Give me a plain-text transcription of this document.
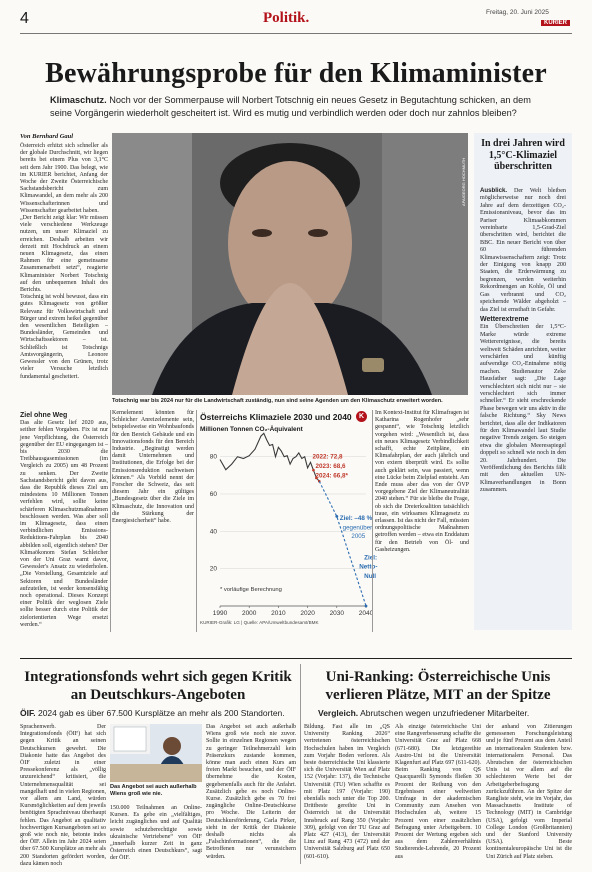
4	Politik.	Freitag, 20. Juni 2025
KURIER
Bewährungsprobe für den Klimaminister
Klimaschutz. Noch vor der Sommerpause will Norbert Totschnig ein neues Gesetz in Begutachtung schicken, an dem seine Vorgängerin wiederholt gescheitert ist. Wird es mutig und verbindlich werden oder doch nur zahnlos bleiben?
Von Bernhard Gaul

Österreich erhitzt sich schneller als der globale Durchschnitt, wir liegen bereits bei einem Plus von 3,1°C seit dem Jahr 1900. Das belegt, wie im KURIER berichtet, Anfang der Woche der Zweite Österreichische Sachstandsbericht zum Klimawandel, an dem mehr als 200 Wissenschafterinnen und Wissenschafter gearbeitet haben.

„Der Bericht zeigt klar: Wir müssen viele verschiedene Werkzeuge nutzen, um unser Klimaziel zu erreichen. Deshalb arbeiten wir derzeit mit Hochdruck an einem neuen Klimagesetz, das einen Rahmen für eine gemeinsame Zusammenarbeit setzt“, reagierte Klimaminister Norbert Totschnig auf den unbequemen Inhalt des Berichts.

Totschnig ist wohl bewusst, dass ein gutes Klimagesetz von größter Relevanz für Volkswirtschaft und Bürger und extrem heikel gegenüber den wesentlichen Beteiligten – Bundesländer, Gemeinden und Wirtschaftssektoren – ist. Schließlich ist Totschnigs Amtsvorgängerin, Leonore Gewessler von den Grünen, trotz vieler Versuche letztlich fundamental gescheitert.

APA/GEORG HOCHMUTH
Totschnig war bis 2024 nur für die Landwirtschaft zuständig, nun sind seine Agenden um den Klimaschutz erweitert worden.
In drei Jahren wird 1,5°C-Klimaziel überschritten

Ausblick. Der Welt bleiben möglicherweise nur noch drei Jahre auf dem derzeitigen CO₂-Emissionsniveau, bevor das im Pariser Klimaabkommen vereinbarte 1,5-Grad-Ziel überschritten wird, berichtet die BBC. Ein neuer Bericht von über 60 führenden Klimawissenschaftern zeigt: Trotz der Einigung von knapp 200 Staaten, die Erderwärmung zu begrenzen, werden weiterhin Rekordmengen an Kohle, Öl und Gas verbrannt und CO₂ speichernde Wälder abgeholzt – das Ziel ist ernsthaft in Gefahr.

Wetterextreme

Ein Überschreiten der 1,5°C-Marke würde extreme Wetterereignisse, die bereits weltweit Schäden anrichten, weiter verschärfen und künftig aufwendige CO₂-Entnahme nötig machen. Studienautor Zeke Hausfather sagt: „Die Lage verschlechtert sich nicht nur – sie verschlechtert sich immer schneller.“ Er sieht erschreckende Phase bewegen wir uns aktiv in die falsche Richtung.“ Sky News berichtet, dass alle der Indikatoren für den Klimawandel laut Studie negative Trends zeigen. So steigen etwa die globalen Meeresspiegel doppelt so schnell wie noch in den 20. Jahrhundert. Die Veröffentlichung des Berichts fällt mit den aktuellen UN-Klimaverhandlungen in Bonn zusammen.

Ziel ohne Weg

Das alte Gesetz lief 2020 aus, seither fehlen Vorgaben. Fix ist nur jene Verpflichtung, die Österreich gegenüber der EU eingegangen ist – bis 2030 die Treibhausgasemissionen (im Vergleich zu 2005) um 48 Prozent zu senken. Der Zweite Sachstandsbericht geht davon aus, dass die Republik dieses Ziel um mindestens 10 Millionen Tonnen verfehlen wird, sollte keine schärferen Klimaschutzmaßnahmen beschlossen werden. Was aber soll im Klimagesetz, dass einen verbindlichen Emissions-Reduktions-Fahrplan bis 2040 abbilden soll, eigentlich stehen? Der Klimaökonom Stefan Schleicher von der Uni Graz warnt davor, Gewessler's Ansatz zu wiederholen. „Die Vorstellung, Gesamtziele auf Sektoren und Bundesländer aufzuteilen, ist weder konsensfähig noch operational. Dieses Konzept einer Politik der weglosen Ziele sollte besser durch eine Politik der zielorientierten Wege ersetzt werden.“

Kernelement könnten für Schleicher Anreizelemente sein, beispielsweise ein Wohnbaufonds für den Bereich Gebäude und ein Innovationsfonds für den Bereich Industrie. „Beginstigt werden damit Unternehmen und Institutionen, die Erfolge bei der Emissionsreduktion nachweisen können.“ Als Vorbild nennt der Forscher die Schweiz, das seit diesem Jahr ein gültiges „Bundesgesetz über die Ziele im Klimaschutz, die Innovation und die Stärkung der Energiesicherheit“ habe.

Im Kontext-Institut für Klimafragen ist Katharina Rogenhofer „sehr gespannt“, wie Totschnig letztlich vorgehen wird: „Wesentlich ist, dass ein neues Klimagesetz Verbindlichkeit schafft, echte Zeitpläne, ein Klimafahrplan, der auch jährlich und von extern überprüft wird. Es sollte auch geklärt sein, was passiert, wenn eine Lücke beim Zielpfad entsteht. Am Ende muss aber das von der ÖVP vorgegebene Ziel der Klimaneutralität 2040 stehen.“ Für sie bleibe die Frage, ob sich die Dreierkoalition tatsächlich traue, ein wirksames Klimagesetz zu erlassen. Ist das nicht der Fall, müssten ordnungspolitische Maßnahmen getroffen werden – etwa ein Enddatum für den Betrieb von Öl- und Gasheizungen.

Österreichs Klimaziele 2030 und 2040	K
Millionen Tonnen CO₂-Äquivalent
20
40
60
80
1990 2000 2010 2020 2030 2040
2022: 72,8
2023: 68,6
2024: 66,8*
Ziel: –48 %
gegenüber
2005
Ziel:
Netto-
Null
* vorläufige Berechnung
KURIER-Grafik: LG | Quelle: APA/Umweltbundesamt/BMK
Integrationsfonds wehrt sich gegen Kritik an Deutschkurs-Angeboten
ÖIF. 2024 gab es über 67.500 Kursplätze an mehr als 200 Standorten.

Sprachenwerb. Der Integrationsfonds (ÖIF) hat sich gegen Kritik an seinen Deutschkursen gewehrt. Die Diakonie hatte das Angebot des ÖIF zuletzt in einer Pressekonferenz als „völlig unzureichend“ kritisiert, die Unternehmensqualität sei mangelhaft und in vielen Regionen, vor allem am Land, würden Kursmöglichkeiten auf dem jeweils benötigten Sprachniveau überhaupt fehlen. Das Angebot an qualitativ hochwertigen Kursangeboten sei so groß wie noch nie, betonte indes der ÖIF. Allein im Jahr 2024 seien über 67.500 Kursplätze an mehr als 200 Standorten gefördert worden, dazu kämen noch

Das Angebot sei auch außerhalb Wiens groß wie nie.

150.000 Teilnahmen an Online-Kursen. Es gebe ein „vielfältiges, leicht zugängliches und auf Qualität sowie schutzberechtigte sowie ukrainische Vertriebene“ von ÖIF „innerhalb kurzer Zeit in ganz Österreich einen Deutschkurs“, sagt der ÖIF.

Das Angebot sei auch außerhalb Wiens groß wie noch nie zuvor. Sollte in einzelnen Regionen wegen zu geringer Teilnehmerzahl kein Präsenzkurs zustande kommen, könne man auch einen Kurs am freien Markt besuchen, und der ÖIF übernehme die Kosten, gegebenenfalls auch für die Anfahrt. Zusätzlich gebe es noch Online-Kurse. Zusätzlich gebe es 70 frei zugängliche Online-Deutschkurse pro Woche. Die Leiterin der Deutschkursförderung, Carla Pirker, sieht in der Kritik der Diakonie deshalb nichts als „Falschinformationen“, die die Betroffenen nur verunsichern würden.

Uni-Ranking: Österreichische Unis verlieren Plätze, MIT an der Spitze
Vergleich. Abrutschen wegen unzufriedener Mitarbeiter.

Bildung. Fast alle im „QS University Ranking 2026“ vertretenen österreichischen Hochschulen haben im Vergleich zum Vorjahr Boden verloren. Als beste österreichische Uni klassierte sich die Universität Wien auf Platz 152 (Vorjahr: 137), die Technische Universität (TU) Wien schaffte es mit Platz 197 (Vorjahr: 190) ebenfalls noch unter die Top 200. Drittbeste gereihte Uni in Österreich ist die Universität Innsbruck auf Rang 350 (Vorjahr: 309), gefolgt von der TU Graz auf Platz 427 (413), der Universität Linz auf Rang 473 (472) und der Universität Salzburg auf Platz 650 (601-610).

Als einzige österreichische Uni eine Rangverbesserung schaffte die Universität Graz auf Platz 668 (671-680). Die letztgereihte Austro-Uni ist die Universität Klagenfurt auf Platz 697 (611-620). Beim Ranking von QS Quacquarelli Symonds fließen 30 Prozent der Reihung von den Ergebnissen einer weltweiten Umfrage in der akademischen Community zum Ansehen von Hochschulen ab, weitere 15 Prozent von einer zusätzlichen Befragung unter Arbeitgebern. 10 Prozent der Wertung ergeben sich aus dem Zahlenverhältnis Studierende-Lehrende, 20 Prozent aus

der anhand von Zitierungen gemessenen Forschungsleistung und je fünf Prozent aus dem Anteil an internationalen Studenten bzw. internationalem Personal. Das Abrutschen der österreichischen Unis ist vor allem auf die schlechteren Werte bei der Arbeitgeberbefragung zurückzuführen. An der Spitze der Rangliste steht, wie im Vorjahr, das Massachusetts Institute of Technology (MIT) in Cambridge (USA), gefolgt vom Imperial College London (Großbritannien) und der Stanford University (USA). Beste kontinentaleuropäische Uni ist die Uni Zürich auf Platz sieben.
